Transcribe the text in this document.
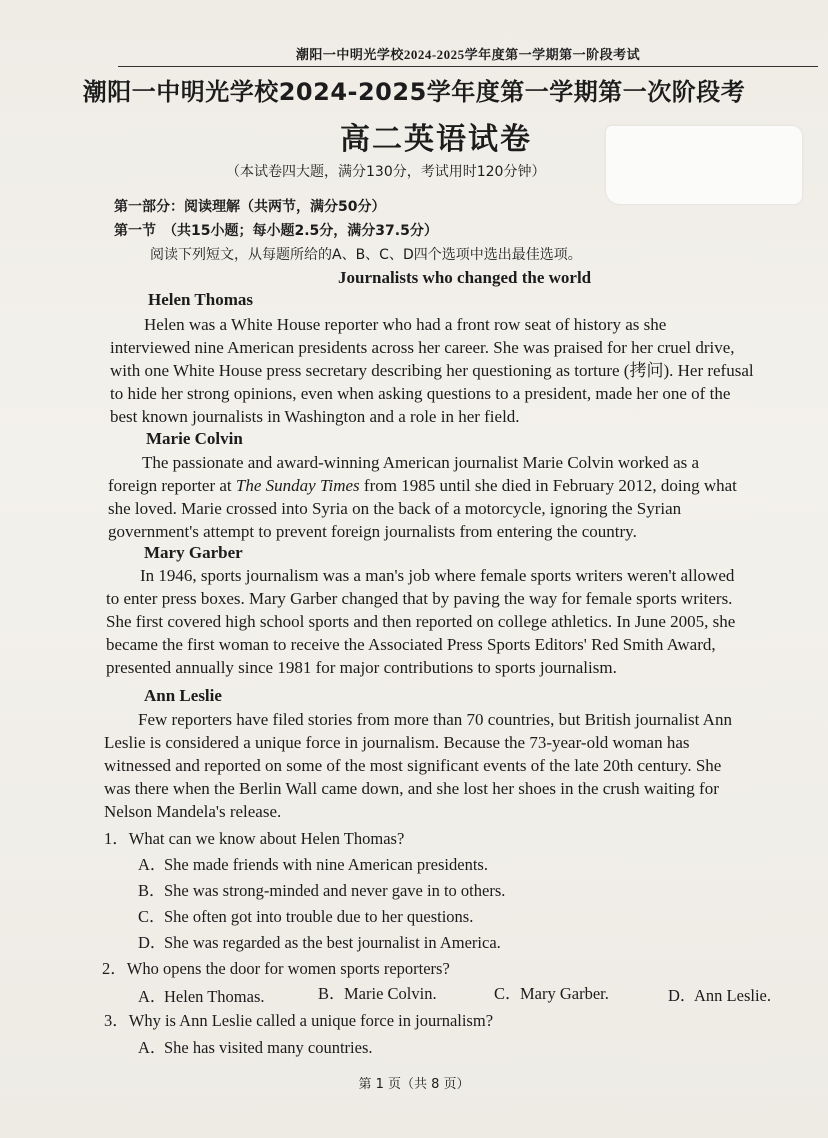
潮阳一中明光学校2024-2025学年度第一学期第一阶段考试
潮阳一中明光学校2024-2025学年度第一学期第一次阶段考
高二英语试卷
（本试卷四大题，满分130分，考试用时120分钟）
第一部分：阅读理解（共两节，满分50分）
第一节　（共15小题；每小题2.5分，满分37.5分）
阅读下列短文，从每题所给的A、B、C、D四个选项中选出最佳选项。
Journalists who changed the world
Helen Thomas
Helen was a White House reporter who had a front row seat of history as she
interviewed nine American presidents across her career. She was praised for her cruel drive,
with one White House press secretary describing her questioning as torture (拷问). Her refusal
to hide her strong opinions, even when asking questions to a president, made her one of the
best known journalists in Washington and a role in her field.
Marie Colvin
The passionate and award-winning American journalist Marie Colvin worked as a
foreign reporter at The Sunday Times from 1985 until she died in February 2012, doing what
she loved. Marie crossed into Syria on the back of a motorcycle, ignoring the Syrian
government's attempt to prevent foreign journalists from entering the country.
Mary Garber
In 1946, sports journalism was a man's job where female sports writers weren't allowed
to enter press boxes. Mary Garber changed that by paving the way for female sports writers.
She first covered high school sports and then reported on college athletics. In June 2005, she
became the first woman to receive the Associated Press Sports Editors' Red Smith Award,
presented annually since 1981 for major contributions to sports journalism.
Ann Leslie
Few reporters have filed stories from more than 70 countries, but British journalist Ann
Leslie is considered a unique force in journalism. Because the 73-year-old woman has
witnessed and reported on some of the most significant events of the late 20th century. She
was there when the Berlin Wall came down, and she lost her shoes in the crush waiting for
Nelson Mandela's release.
1．What can we know about Helen Thomas?
A．She made friends with nine American presidents.
B．She was strong-minded and never gave in to others.
C．She often got into trouble due to her questions.
D．She was regarded as the best journalist in America.
2．Who opens the door for women sports reporters?
A．Helen Thomas.	B．Marie Colvin.	C．Mary Garber.	D．Ann Leslie.
3．Why is Ann Leslie called a unique force in journalism?
A．She has visited many countries.
第 1 页（共 8 页）
